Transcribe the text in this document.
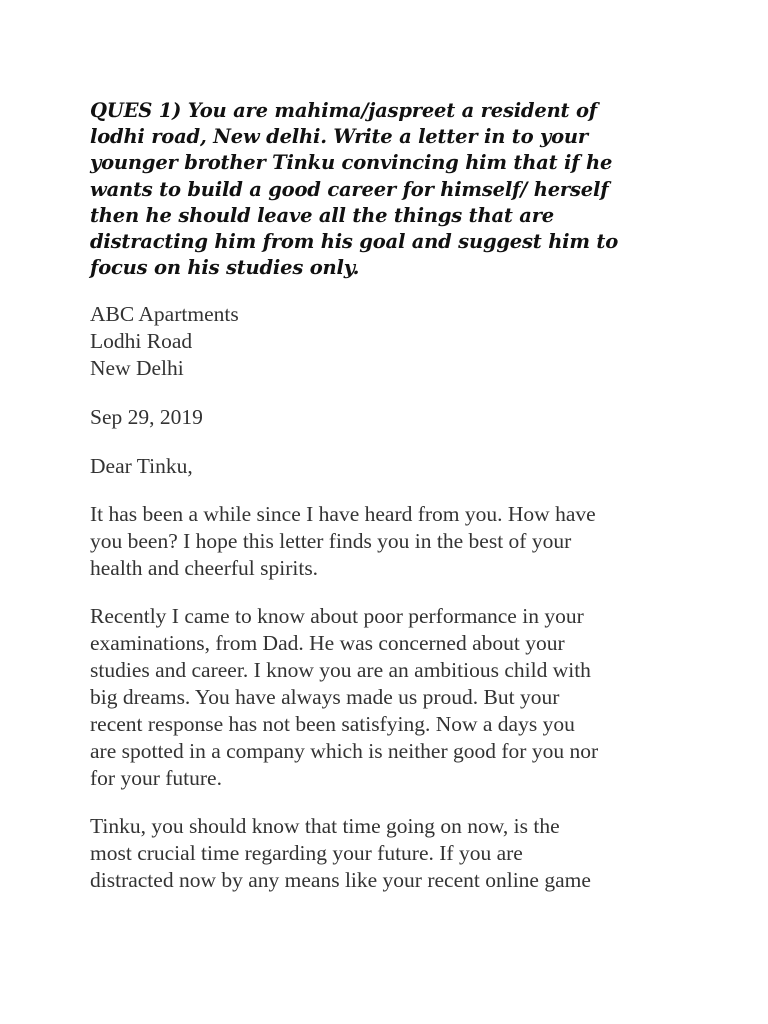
QUES 1) You are mahima/jaspreet a resident of
lodhi road, New delhi. Write a letter in to your
younger brother Tinku convincing him that if he
wants to build a good career for himself/ herself
then he should leave all the things that are
distracting him from his goal and suggest him to
focus on his studies only.

ABC Apartments
Lodhi Road
New Delhi
Sep 29, 2019
Dear Tinku,
It has been a while since I have heard from you. How have
you been? I hope this letter finds you in the best of your
health and cheerful spirits.
Recently I came to know about poor performance in your
examinations, from Dad. He was concerned about your
studies and career. I know you are an ambitious child with
big dreams. You have always made us proud. But your
recent response has not been satisfying. Now a days you
are spotted in a company which is neither good for you nor
for your future.
Tinku, you should know that time going on now, is the
most crucial time regarding your future. If you are
distracted now by any means like your recent online game
